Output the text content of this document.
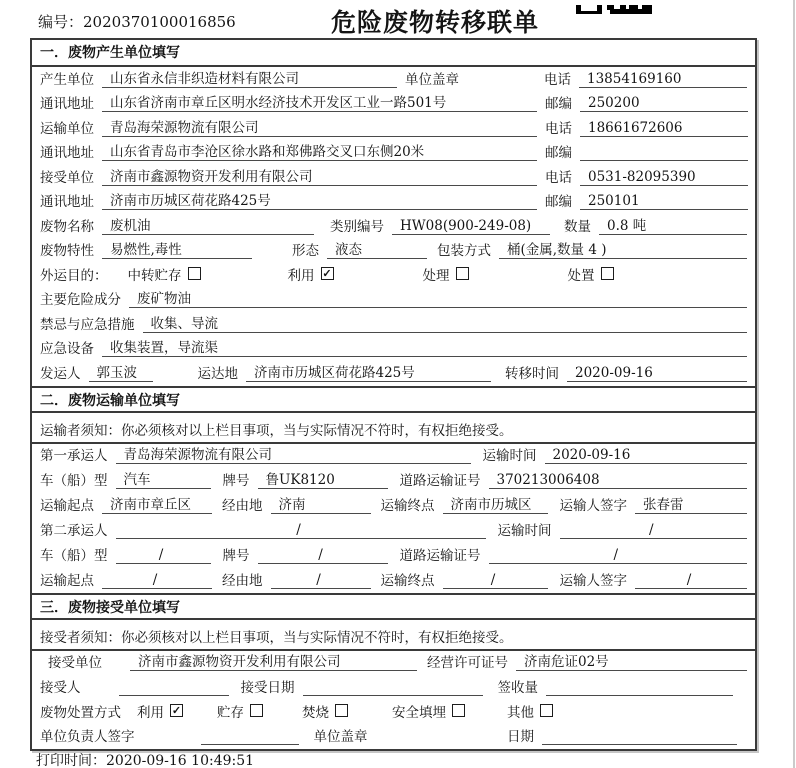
编号：2020370100016856	危险废物转移联单
一．废物产生单位填写
产生单位	山东省永信非织造材料有限公司	单位盖章	电话	13854169160
通讯地址	山东省济南市章丘区明水经济技术开发区工业一路501号	邮编	250200
运输单位	青岛海荣源物流有限公司	电话	18661672606
通讯地址	山东省青岛市李沧区徐水路和郑佛路交叉口东侧20米	邮编
接受单位	济南市鑫源物资开发利用有限公司	电话	0531-82095390
通讯地址	济南市历城区荷花路425号	邮编	250101
废物名称	废机油	类别编号	HW08(900-249-08)	数量	0.8 吨
废物特性	易燃性,毒性	形态	液态	包装方式	桶(金属,数量 4 )
外运目的： 中转贮存	利用 ✓	处理	处置
主要危险成分	废矿物油
禁忌与应急措施	收集、导流
应急设备	收集装置，导流渠
发运人	郭玉波	运达地	济南市历城区荷花路425号	转移时间	2020-09-16
二．废物运输单位填写
运输者须知：你必须核对以上栏目事项，当与实际情况不符时，有权拒绝接受。
第一承运人	青岛海荣源物流有限公司	运输时间	2020-09-16
车（船）型	汽车	牌号	鲁UK8120	道路运输证号	370213006408
运输起点	济南市章丘区	经由地	济南	运输终点	济南市历城区	运输人签字	张春雷
第二承运人	/	运输时间	/
车（船）型	/	牌号	/	道路运输证号	/
运输起点	/	经由地	/	运输终点	/	运输人签字	/
三．废物接受单位填写
接受者须知：你必须核对以上栏目事项，当与实际情况不符时，有权拒绝接受。
接受单位	济南市鑫源物资开发利用有限公司	经营许可证号	济南危证02号
接受人	接受日期	签收量
废物处置方式 利用 ✓	贮存	焚烧	安全填埋	其他
单位负责人签字	单位盖章	日期
打印时间：2020-09-16 10:49:51
